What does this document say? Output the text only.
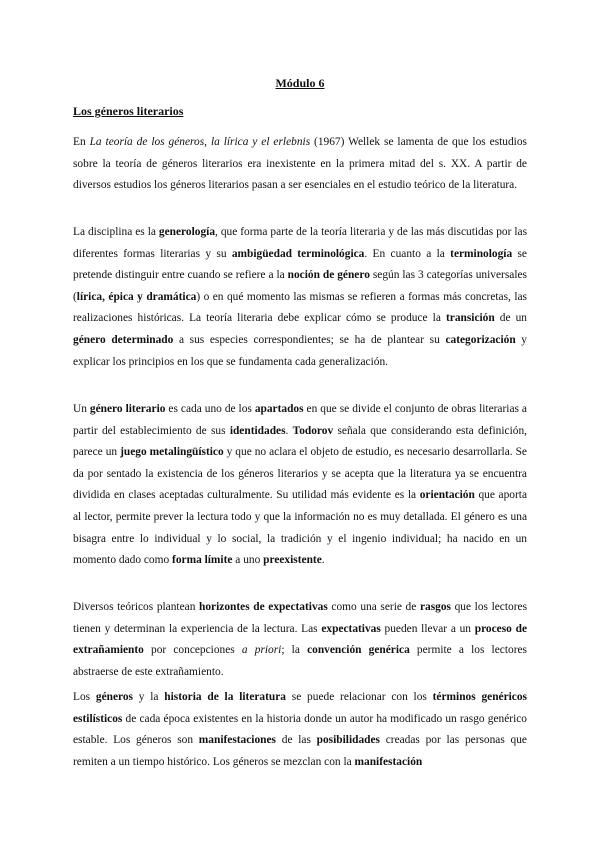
Módulo 6
Los géneros literarios

En La teoría de los géneros, la lírica y el erlebnis (1967) Wellek se lamenta de que los estudios sobre la teoría de géneros literarios era inexistente en la primera mitad del s. XX. A partir de diversos estudios los géneros literarios pasan a ser esenciales en el estudio teórico de la literatura.

La disciplina es la generología, que forma parte de la teoría literaria y de las más discutidas por las diferentes formas literarias y su ambigüedad terminológica. En cuanto a la terminología se pretende distinguir entre cuando se refiere a la noción de género según las 3 categorías universales (lírica, épica y dramática) o en qué momento las mismas se refieren a formas más concretas, las realizaciones históricas. La teoría literaria debe explicar cómo se produce la transición de un género determinado a sus especies correspondientes; se ha de plantear su categorización y explicar los principios en los que se fundamenta cada generalización.

Un género literario es cada uno de los apartados en que se divide el conjunto de obras literarias a partir del establecimiento de sus identidades. Todorov señala que considerando esta definición, parece un juego metalingüístico y que no aclara el objeto de estudio, es necesario desarrollarla. Se da por sentado la existencia de los géneros literarios y se acepta que la literatura ya se encuentra dividida en clases aceptadas culturalmente. Su utilidad más evidente es la orientación que aporta al lector, permite prever la lectura todo y que la información no es muy detallada. El género es una bisagra entre lo individual y lo social, la tradición y el ingenio individual; ha nacido en un momento dado como forma límite a uno preexistente.

Diversos teóricos plantean horizontes de expectativas como una serie de rasgos que los lectores tienen y determinan la experiencia de la lectura. Las expectativas pueden llevar a un proceso de extrañamiento por concepciones a priori; la convención genérica permite a los lectores abstraerse de este extrañamiento.

Los géneros y la historia de la literatura se puede relacionar con los términos genéricos estilísticos de cada época existentes en la historia donde un autor ha modificado un rasgo genérico estable. Los géneros son manifestaciones de las posibilidades creadas por las personas que remiten a un tiempo histórico. Los géneros se mezclan con la manifestación
